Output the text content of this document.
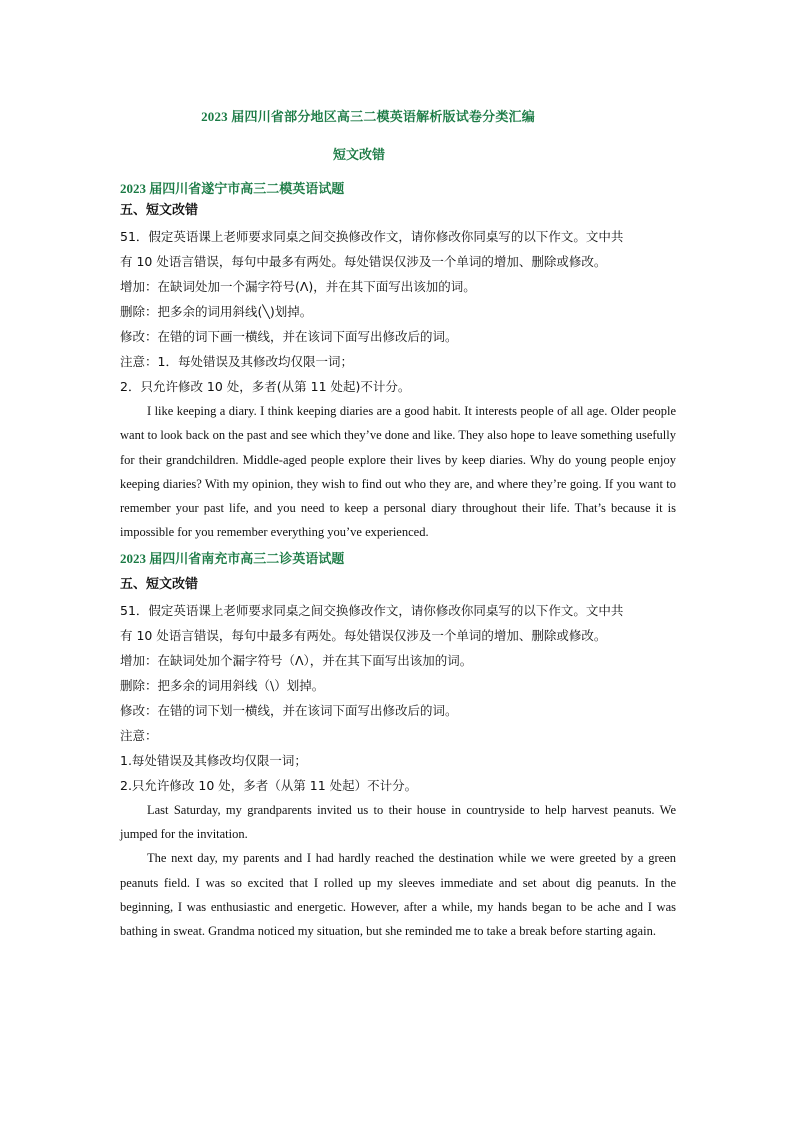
2023 届四川省部分地区高三二模英语解析版试卷分类汇编
短文改错
2023 届四川省遂宁市高三二模英语试题
五、短文改错
51．假定英语课上老师要求同桌之间交换修改作文，请你修改你同桌写的以下作文。文中共
有 10 处语言错误，每句中最多有两处。每处错误仅涉及一个单词的增加、删除或修改。
增加：在缺词处加一个漏字符号(Λ)，并在其下面写出该加的词。
删除：把多余的词用斜线(╲)划掉。
修改：在错的词下画一横线，并在该词下面写出修改后的词。
注意：1．每处错误及其修改均仅限一词；
2．只允许修改 10 处，多者(从第 11 处起)不计分。
I like keeping a diary. I think keeping diaries are a good habit. It interests people of all age. Older people want to look back on the past and see which they’ve done and like. They also hope to leave something usefully for their grandchildren. Middle-aged people explore their lives by keep diaries. Why do young people enjoy keeping diaries? With my opinion, they wish to find out who they are, and where they’re going. If you want to remember your past life, and you need to keep a personal diary throughout their life. That’s because it is impossible for you remember everything you’ve experienced.
2023 届四川省南充市高三二诊英语试题
五、短文改错
51．假定英语课上老师要求同桌之间交换修改作文，请你修改你同桌写的以下作文。文中共
有 10 处语言错误，每句中最多有两处。每处错误仅涉及一个单词的增加、删除或修改。
增加：在缺词处加个漏字符号（Λ），并在其下面写出该加的词。
删除：把多余的词用斜线（\）划掉。
修改：在错的词下划一横线，并在该词下面写出修改后的词。
注意：
1.每处错误及其修改均仅限一词；
2.只允许修改 10 处，多者（从第 11 处起）不计分。
Last Saturday, my grandparents invited us to their house in countryside to help harvest peanuts. We jumped for the invitation.
The next day, my parents and I had hardly reached the destination while we were greeted by a green peanuts field. I was so excited that I rolled up my sleeves immediate and set about dig peanuts. In the beginning, I was enthusiastic and energetic. However, after a while, my hands began to be ache and I was bathing in sweat. Grandma noticed my situation, but she reminded me to take a break before starting again.
